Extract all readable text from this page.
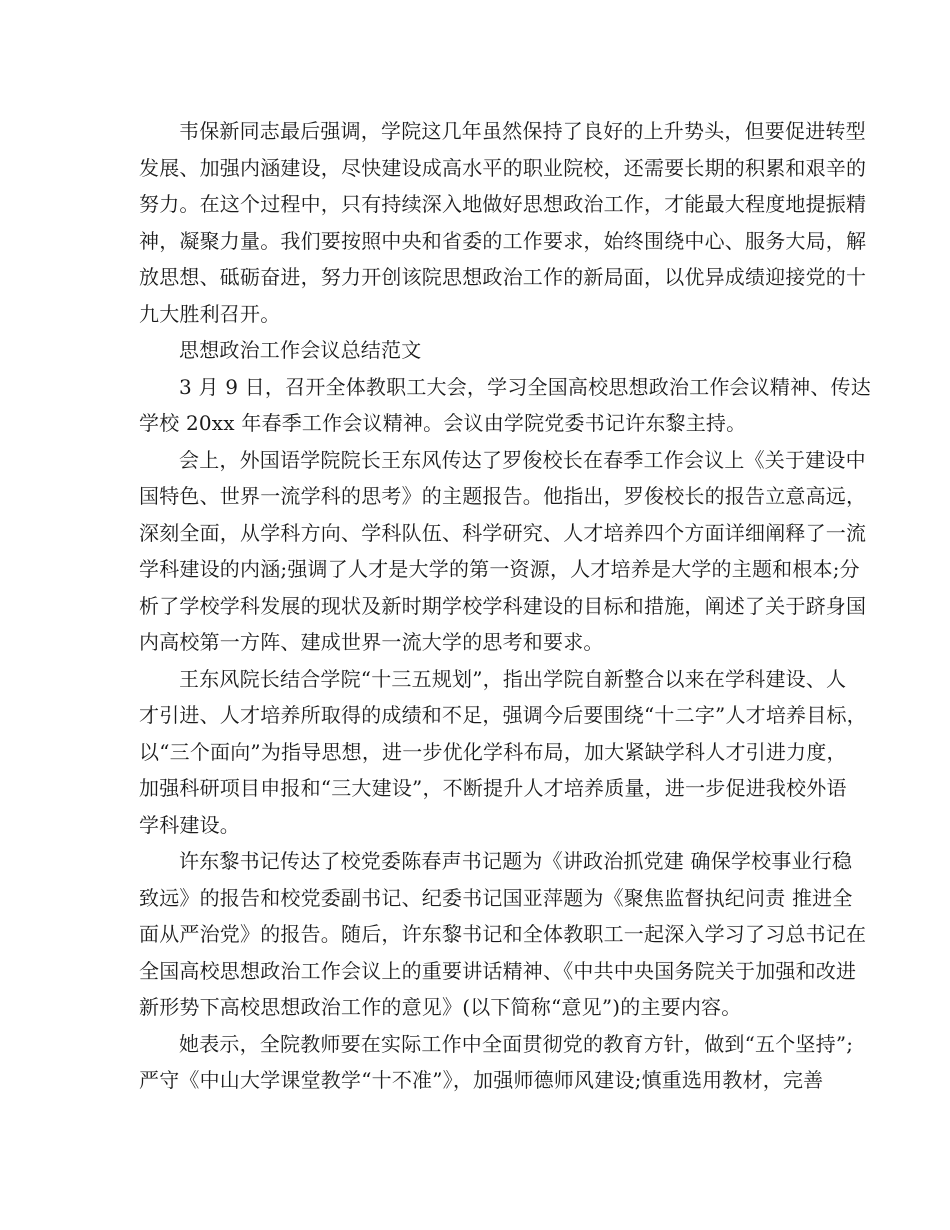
韦保新同志最后强调，学院这几年虽然保持了良好的上升势头，但要促进转型
发展、加强内涵建设，尽快建设成高水平的职业院校，还需要长期的积累和艰辛的
努力。在这个过程中，只有持续深入地做好思想政治工作，才能最大程度地提振精
神，凝聚力量。我们要按照中央和省委的工作要求，始终围绕中心、服务大局，解
放思想、砥砺奋进，努力开创该院思想政治工作的新局面，以优异成绩迎接党的十
九大胜利召开。
思想政治工作会议总结范文
3 月 9 日，召开全体教职工大会，学习全国高校思想政治工作会议精神、传达
学校 20xx 年春季工作会议精神。会议由学院党委书记许东黎主持。
会上，外国语学院院长王东风传达了罗俊校长在春季工作会议上《关于建设中
国特色、世界一流学科的思考》的主题报告。他指出，罗俊校长的报告立意高远，
深刻全面，从学科方向、学科队伍、科学研究、人才培养四个方面详细阐释了一流
学科建设的内涵;强调了人才是大学的第一资源，人才培养是大学的主题和根本;分
析了学校学科发展的现状及新时期学校学科建设的目标和措施，阐述了关于跻身国
内高校第一方阵、建成世界一流大学的思考和要求。
王东风院长结合学院“十三五规划”，指出学院自新整合以来在学科建设、人
才引进、人才培养所取得的成绩和不足，强调今后要围绕“十二字”人才培养目标，
以“三个面向”为指导思想，进一步优化学科布局，加大紧缺学科人才引进力度，
加强科研项目申报和“三大建设”，不断提升人才培养质量，进一步促进我校外语
学科建设。
许东黎书记传达了校党委陈春声书记题为《讲政治抓党建 确保学校事业行稳
致远》的报告和校党委副书记、纪委书记国亚萍题为《聚焦监督执纪问责 推进全
面从严治党》的报告。随后，许东黎书记和全体教职工一起深入学习了习总书记在
全国高校思想政治工作会议上的重要讲话精神、《中共中央国务院关于加强和改进
新形势下高校思想政治工作的意见》(以下简称“意见”)的主要内容。
她表示，全院教师要在实际工作中全面贯彻党的教育方针，做到“五个坚持”;
严守《中山大学课堂教学“十不准”》，加强师德师风建设;慎重选用教材，完善
